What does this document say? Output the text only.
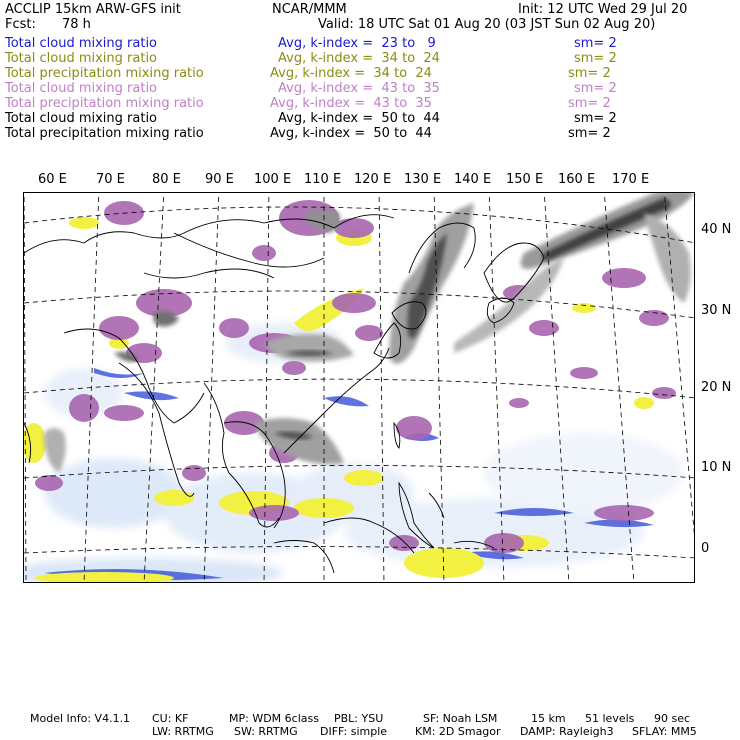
ACCLIP 15km ARW-GFS init	NCAR/MMM	Init: 12 UTC Wed 29 Jul 20
Fcst: 78 h	Valid: 18 UTC Sat 01 Aug 20 (03 JST Sun 02 Aug 20)
Total cloud mixing ratio	Avg, k-index =  23 to   9	sm= 2
Total cloud mixing ratio	Avg, k-index =  34 to  24	sm= 2
Total precipitation mixing ratio	Avg, k-index =  34 to  24	sm= 2
Total cloud mixing ratio	Avg, k-index =  43 to  35	sm= 2
Total precipitation mixing ratio	Avg, k-index =  43 to  35	sm= 2
Total cloud mixing ratio	Avg, k-index =  50 to  44	sm= 2
Total precipitation mixing ratio	Avg, k-index =  50 to  44	sm= 2
60 E 70 E 80 E 90 E 100 E 110 E 120 E 130 E 140 E 150 E 160 E 170 E
40 N
30 N
20 N
10 N
0
Model Info: V4.1.1 CU: KF	MP: WDM 6class PBL: YSU	SF: Noah LSM	15 km 51 levels 90 sec
LW: RRTMG SW: RRTMG DIFF: simple	KM: 2D Smagor DAMP: Rayleigh3 SFLAY: MM5
